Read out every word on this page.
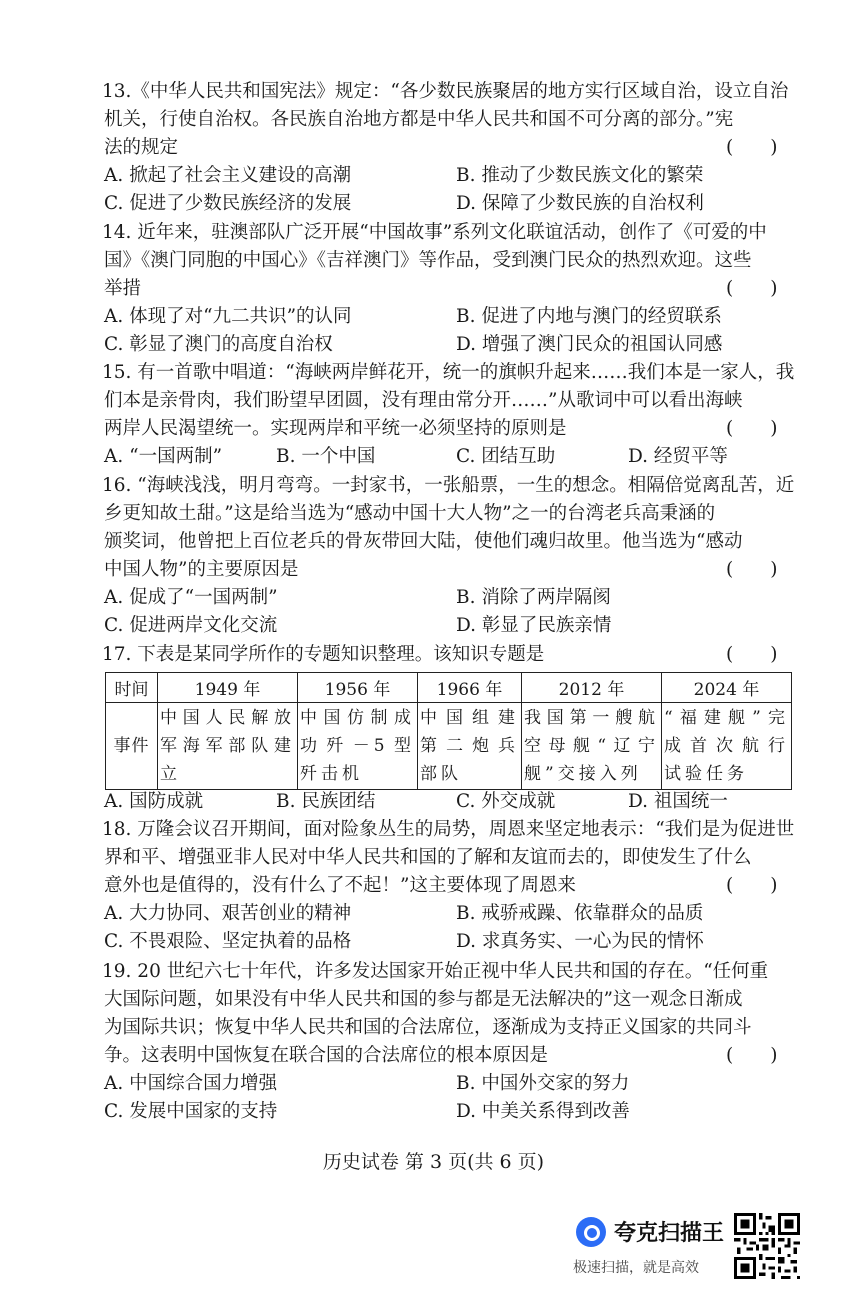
13.《中华人民共和国宪法》规定：“各少数民族聚居的地方实行区域自治，设立自治
机关，行使自治权。各民族自治地方都是中华人民共和国不可分离的部分。”宪
法的规定	(　　)
A. 掀起了社会主义建设的高潮	B. 推动了少数民族文化的繁荣
C. 促进了少数民族经济的发展	D. 保障了少数民族的自治权利
14. 近年来，驻澳部队广泛开展“中国故事”系列文化联谊活动，创作了《可爱的中
国》《澳门同胞的中国心》《吉祥澳门》等作品，受到澳门民众的热烈欢迎。这些
举措	(　　)
A. 体现了对“九二共识”的认同	B. 促进了内地与澳门的经贸联系
C. 彰显了澳门的高度自治权	D. 增强了澳门民众的祖国认同感
15. 有一首歌中唱道：“海峡两岸鲜花开，统一的旗帜升起来……我们本是一家人，我
们本是亲骨肉，我们盼望早团圆，没有理由常分开……”从歌词中可以看出海峡
两岸人民渴望统一。实现两岸和平统一必须坚持的原则是	(　　)
A. “一国两制”	B. 一个中国	C. 团结互助	D. 经贸平等
16. “海峡浅浅，明月弯弯。一封家书，一张船票，一生的想念。相隔倍觉离乱苦，近
乡更知故土甜。”这是给当选为“感动中国十大人物”之一的台湾老兵高秉涵的
颁奖词，他曾把上百位老兵的骨灰带回大陆，使他们魂归故里。他当选为“感动
中国人物”的主要原因是	(　　)
A. 促成了“一国两制”	B. 消除了两岸隔阂
C. 促进两岸文化交流	D. 彰显了民族亲情
17. 下表是某同学所作的专题知识整理。该知识专题是	(　　)
时间	1949 年	1956 年	1966 年	2012 年	2024 年
事件	中国人民解放军海军部队建立	中国仿制成功歼－5型歼击机	中国组建第二炮兵部队	我国第一艘航空母舰“辽宁舰”交接入列	“福建舰”完成首次航行试验任务
A. 国防成就	B. 民族团结	C. 外交成就	D. 祖国统一
18. 万隆会议召开期间，面对险象丛生的局势，周恩来坚定地表示：“我们是为促进世
界和平、增强亚非人民对中华人民共和国的了解和友谊而去的，即使发生了什么
意外也是值得的，没有什么了不起！”这主要体现了周恩来	(　　)
A. 大力协同、艰苦创业的精神	B. 戒骄戒躁、依靠群众的品质
C. 不畏艰险、坚定执着的品格	D. 求真务实、一心为民的情怀
19. 20 世纪六七十年代，许多发达国家开始正视中华人民共和国的存在。“任何重
大国际问题，如果没有中华人民共和国的参与都是无法解决的”这一观念日渐成
为国际共识；恢复中华人民共和国的合法席位，逐渐成为支持正义国家的共同斗
争。这表明中国恢复在联合国的合法席位的根本原因是	(　　)
A. 中国综合国力增强	B. 中国外交家的努力
C. 发展中国家的支持	D. 中美关系得到改善
历史试卷 第 3 页(共 6 页)
夸克扫描王
极速扫描，就是高效
